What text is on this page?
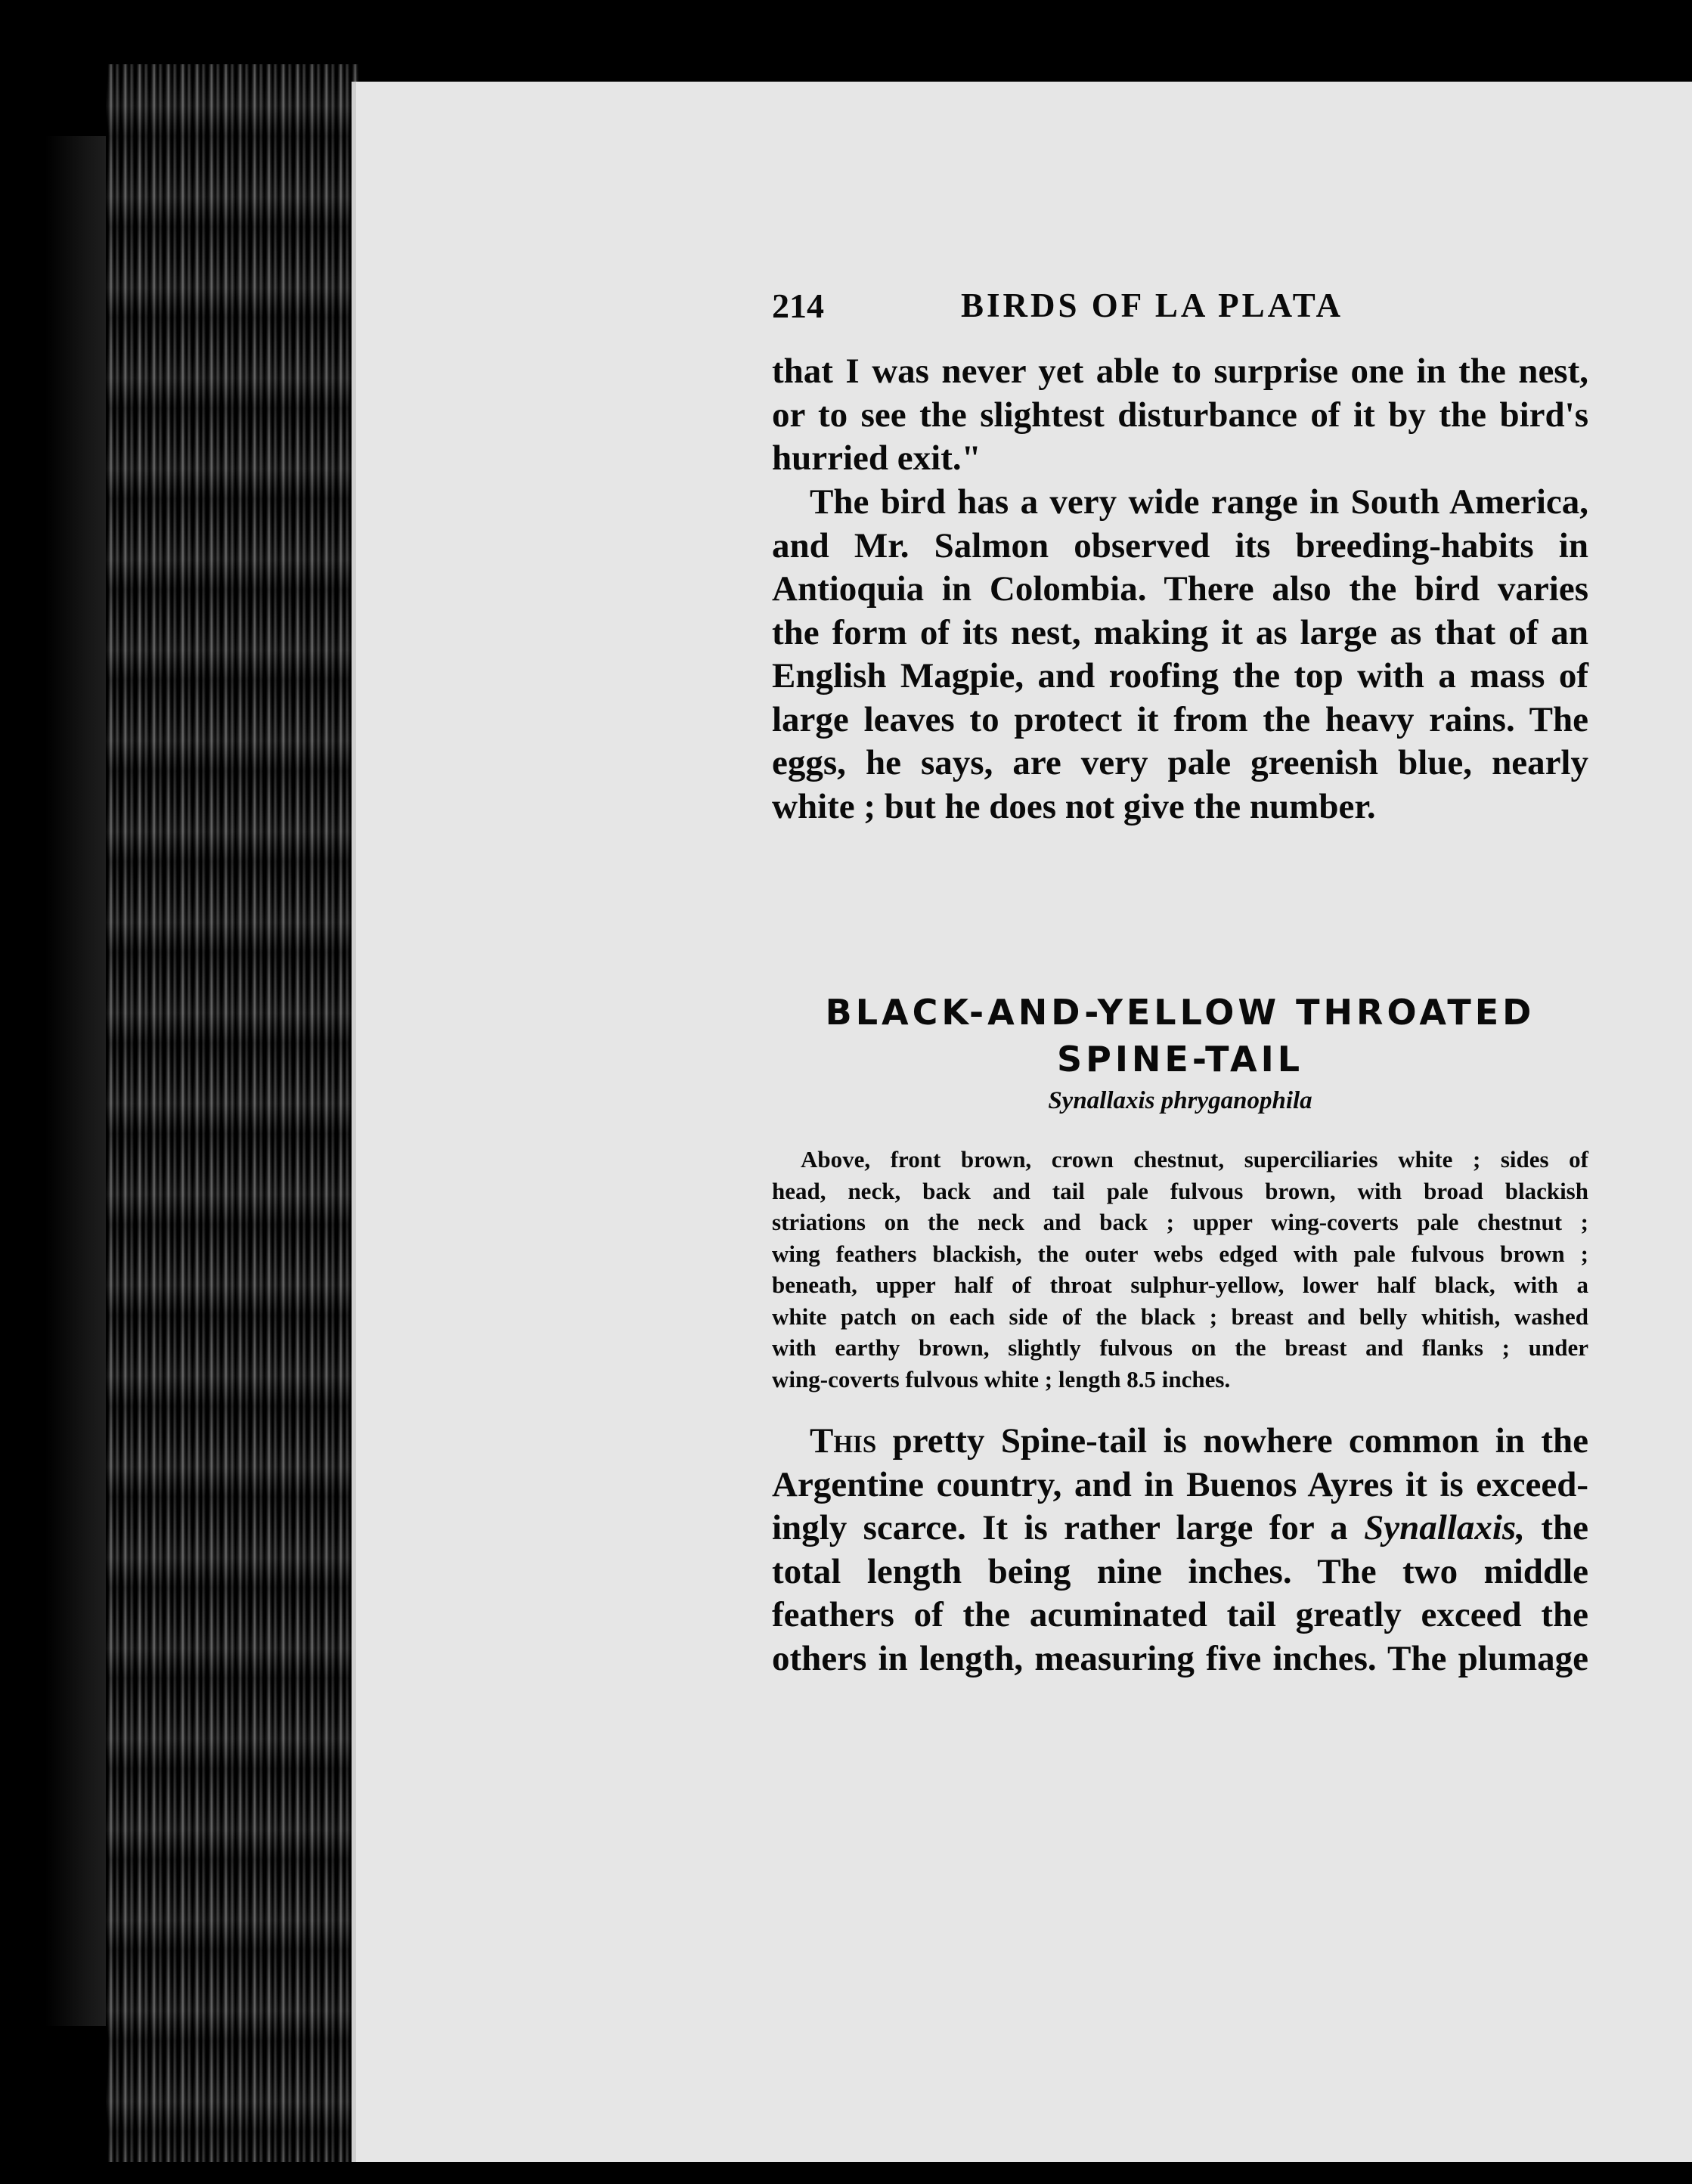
214	BIRDS OF LA PLATA
that I was never yet able to surprise one in the nest,
or to see the slightest disturbance of it by the bird's
hurried exit."
The bird has a very wide range in South America,
and Mr. Salmon observed its breeding-habits in
Antioquia in Colombia. There also the bird varies
the form of its nest, making it as large as that of an
English Magpie, and roofing the top with a mass of
large leaves to protect it from the heavy rains. The
eggs, he says, are very pale greenish blue, nearly
white ; but he does not give the number.
BLACK-AND-YELLOW THROATED
SPINE-TAIL
Synallaxis phryganophila
Above, front brown, crown chestnut, superciliaries white ; sides of
head, neck, back and tail pale fulvous brown, with broad blackish
striations on the neck and back ; upper wing-coverts pale chestnut ;
wing feathers blackish, the outer webs edged with pale fulvous brown ;
beneath, upper half of throat sulphur-yellow, lower half black, with a
white patch on each side of the black ; breast and belly whitish, washed
with earthy brown, slightly fulvous on the breast and flanks ; under
wing-coverts fulvous white ; length 8.5 inches.
This pretty Spine-tail is nowhere common in the
Argentine country, and in Buenos Ayres it is exceed-
ingly scarce. It is rather large for a Synallaxis, the
total length being nine inches. The two middle
feathers of the acuminated tail greatly exceed the
others in length, measuring five inches. The plumage
